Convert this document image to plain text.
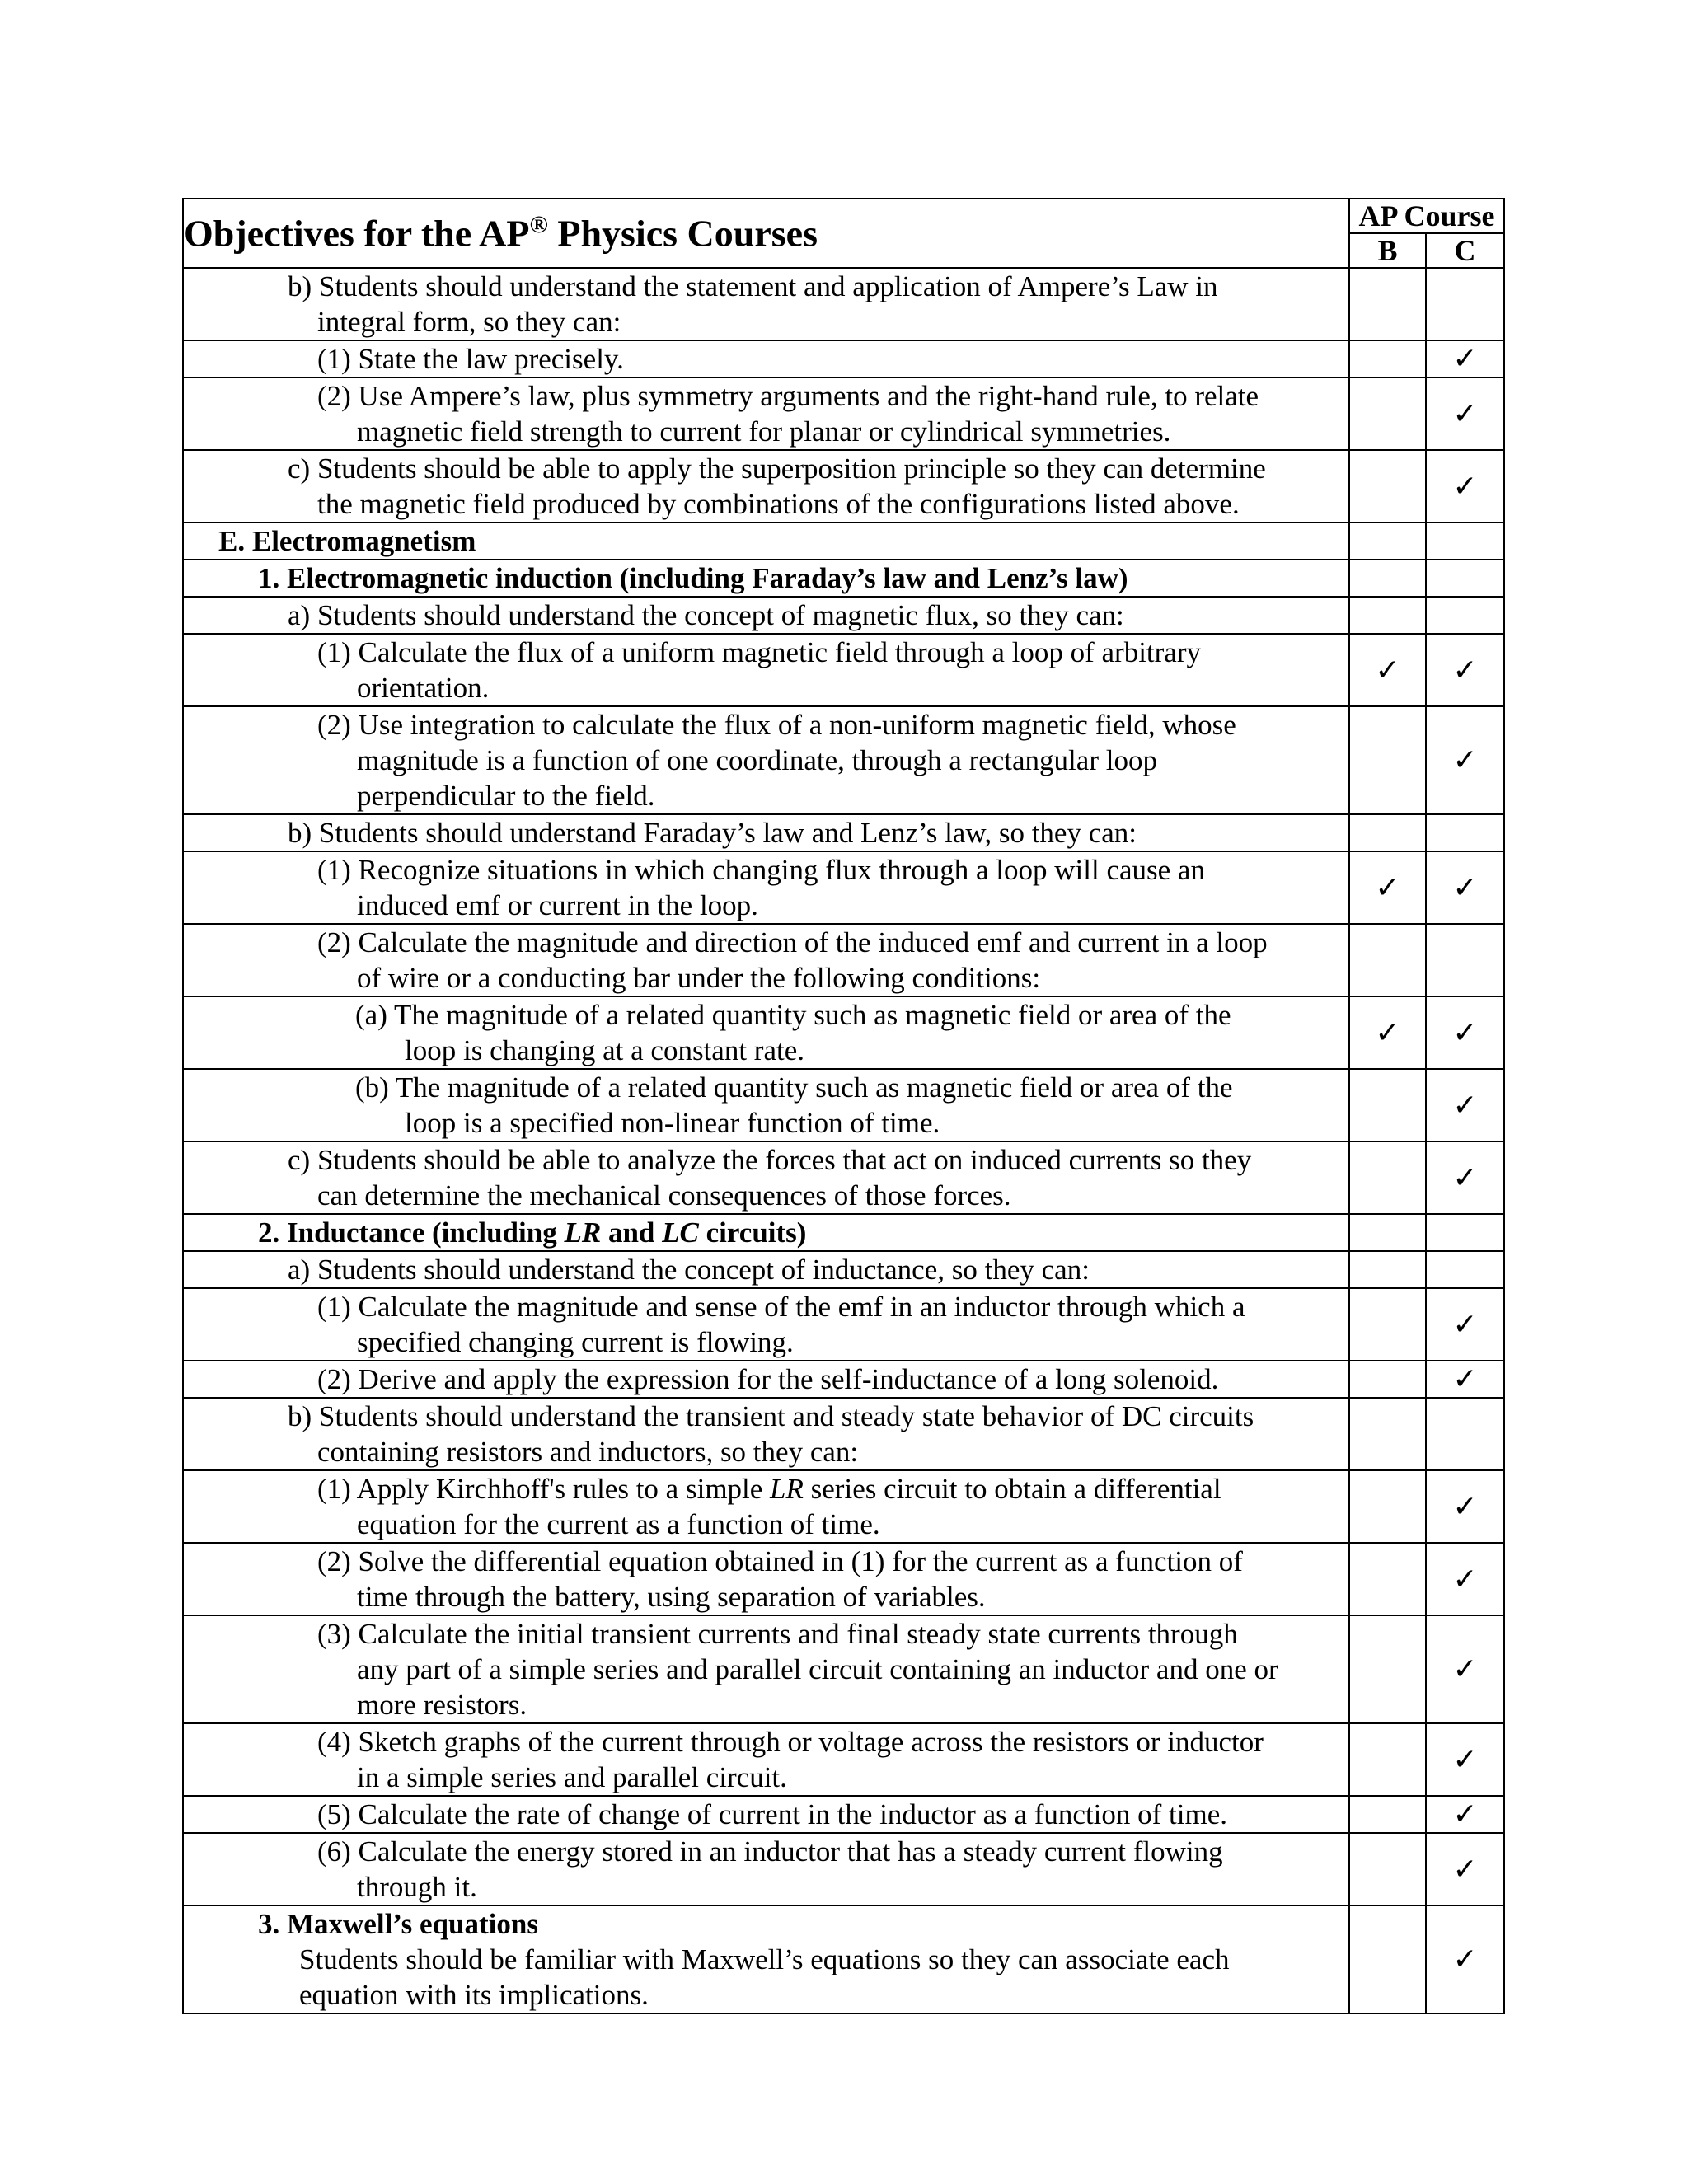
Objectives for the AP® Physics Courses	AP Course	
	B	C

b) Students should understand the statement and application of Ampere’s Law in
integral form, so they can:		

(1) State the law precisely.		✓

(2) Use Ampere’s law, plus symmetry arguments and the right-hand rule, to relate
magnetic field strength to current for planar or cylindrical symmetries.		✓

c) Students should be able to apply the superposition principle so they can determine
the magnetic field produced by combinations of the configurations listed above.		✓

E. Electromagnetism		

1. Electromagnetic induction (including Faraday’s law and Lenz’s law)		

a) Students should understand the concept of magnetic flux, so they can:		

(1) Calculate the flux of a uniform magnetic field through a loop of arbitrary
orientation.	✓	✓

(2) Use integration to calculate the flux of a non-uniform magnetic field, whose
magnitude is a function of one coordinate, through a rectangular loop
perpendicular to the field.		✓

b) Students should understand Faraday’s law and Lenz’s law, so they can:		

(1) Recognize situations in which changing flux through a loop will cause an
induced emf or current in the loop.	✓	✓

(2) Calculate the magnitude and direction of the induced emf and current in a loop
of wire or a conducting bar under the following conditions:		

(a) The magnitude of a related quantity such as magnetic field or area of the
loop is changing at a constant rate.	✓	✓

(b) The magnitude of a related quantity such as magnetic field or area of the
loop is a specified non-linear function of time.		✓

c) Students should be able to analyze the forces that act on induced currents so they
can determine the mechanical consequences of those forces.		✓

2. Inductance (including LR and LC circuits)		

a) Students should understand the concept of inductance, so they can:		

(1) Calculate the magnitude and sense of the emf in an inductor through which a
specified changing current is flowing.		✓

(2) Derive and apply the expression for the self-inductance of a long solenoid.		✓

b) Students should understand the transient and steady state behavior of DC circuits
containing resistors and inductors, so they can:		

(1) Apply Kirchhoff's rules to a simple LR series circuit to obtain a differential
equation for the current as a function of time.		✓

(2) Solve the differential equation obtained in (1) for the current as a function of
time through the battery, using separation of variables.		✓

(3) Calculate the initial transient currents and final steady state currents through
any part of a simple series and parallel circuit containing an inductor and one or
more resistors.		✓

(4) Sketch graphs of the current through or voltage across the resistors or inductor
in a simple series and parallel circuit.		✓

(5) Calculate the rate of change of current in the inductor as a function of time.		✓

(6) Calculate the energy stored in an inductor that has a steady current flowing
through it.		✓

3. Maxwell’s equations
Students should be familiar with Maxwell’s equations so they can associate each
equation with its implications.		✓
